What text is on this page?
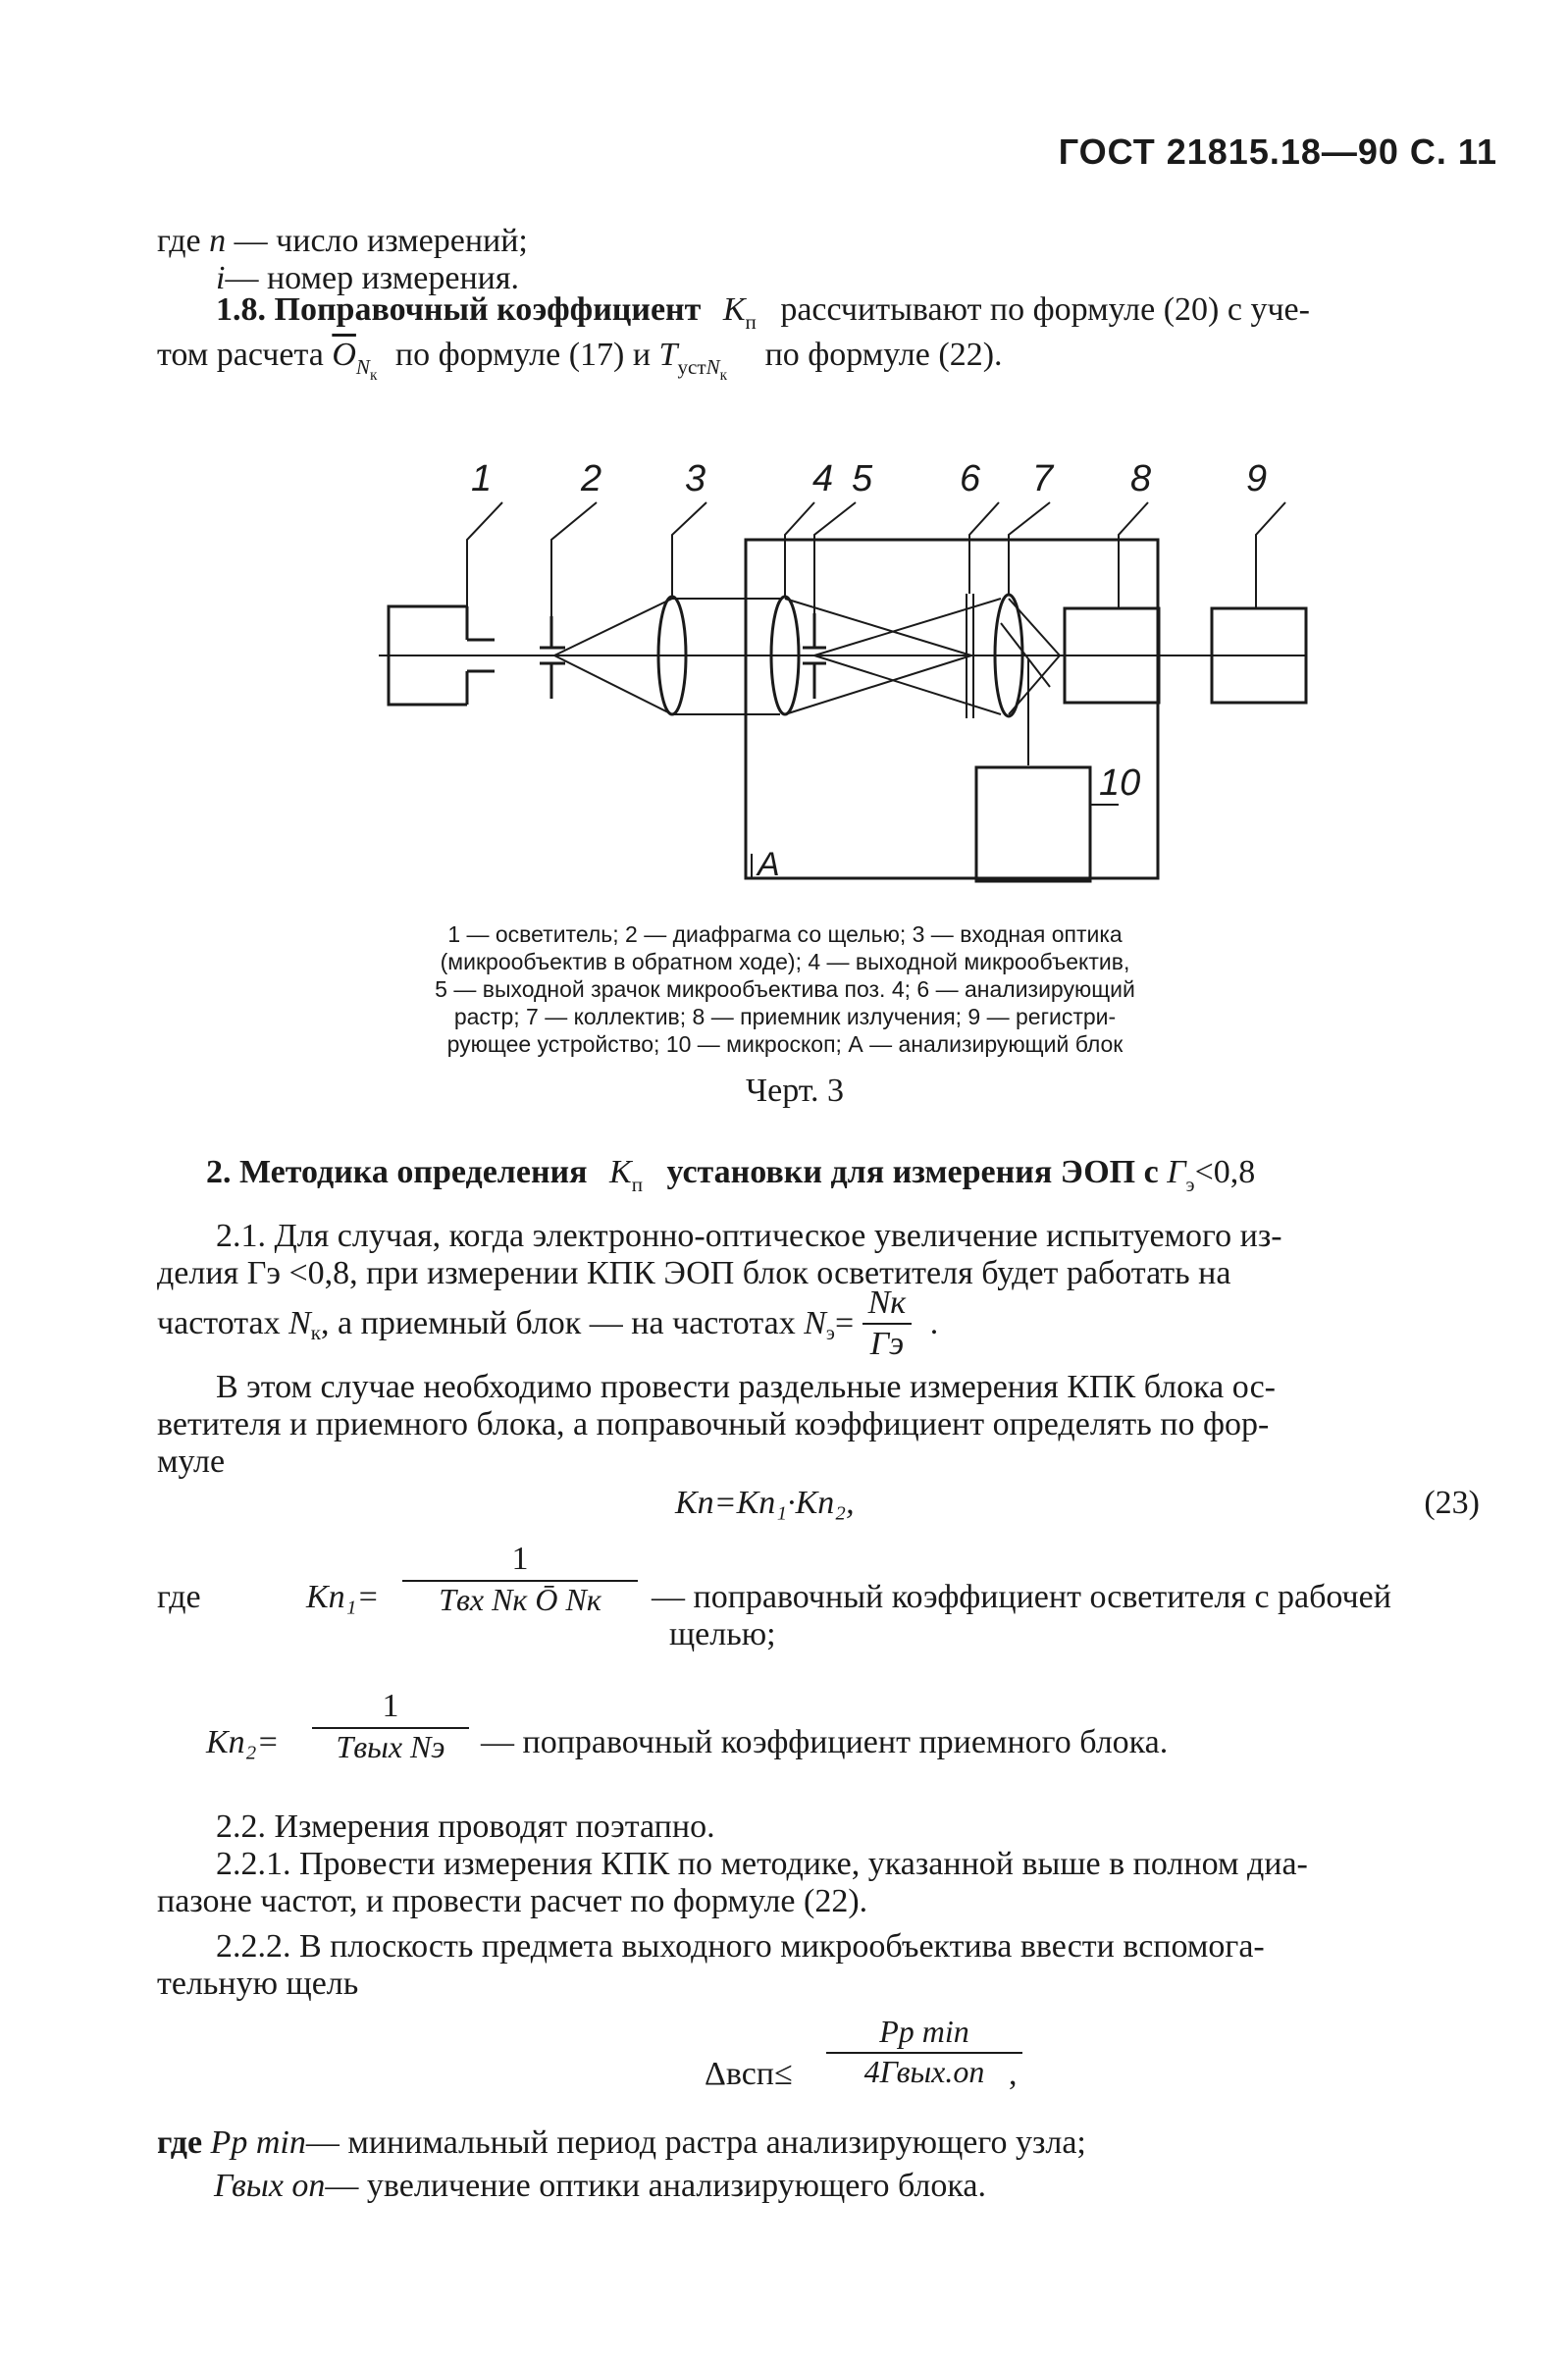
ГОСТ 21815.18—90 С. 11
где n — число измерений;
i— номер измерения.
1.8. Поправочный коэффициент $K_п$ рассчитывают по формуле (20) с уче-
том расчета $\overline{O}_{Nк}$ по формуле (17) и $T_{устNк}$ по формуле (22).
1 2 3	4 5 6 7 8	9
10
А
1 — осветитель; 2 — диафрагма со щелью; 3 — входная оптика
(микрообъектив в обратном ходе); 4 — выходной микрообъектив,
5 — выходной зрачок микрообъектива поз. 4; 6 — анализирующий
растр; 7 — коллектив; 8 — приемник излучения; 9 — регистри-
рующее устройство; 10 — микроскоп; А — анализирующий блок
Черт. 3
2. Методика определения $K_п$ установки для измерения ЭОП с $Г_э<0,8$
2.1. Для случая, когда электронно-оптическое увеличение испытуемого из-
делия Гэ <0,8, при измерении КПК ЭОП блок осветителя будет работать на
частотах $N_к$, а приемный блок — на частотах $N_э= \frac{Nк}{Гэ}$ .
В этом случае необходимо провести раздельные измерения КПК блока ос-
ветителя и приемного блока, а поправочный коэффициент определять по фор-
муле
Kп=Kп₁·Kп₂,	(23)
где	Kп₁=
1
Tвх Nк Ō Nк	— поправочный коэффициент осветителя с рабочей
щелью;
Kп₂=
1
Tвых Nэ	— поправочный коэффициент приемного блока.
2.2. Измерения проводят поэтапно.
2.2.1. Провести измерения КПК по методике, указанной выше в полном диа-
пазоне частот, и провести расчет по формуле (22).
2.2.2. В плоскость предмета выходного микрообъектива ввести вспомога-
тельную щель
Δвсп≤
Pp min
4Гвых.оп ,
где Pp min— минимальный период растра анализирующего узла;
Гвых оп— увеличение оптики анализирующего блока.
